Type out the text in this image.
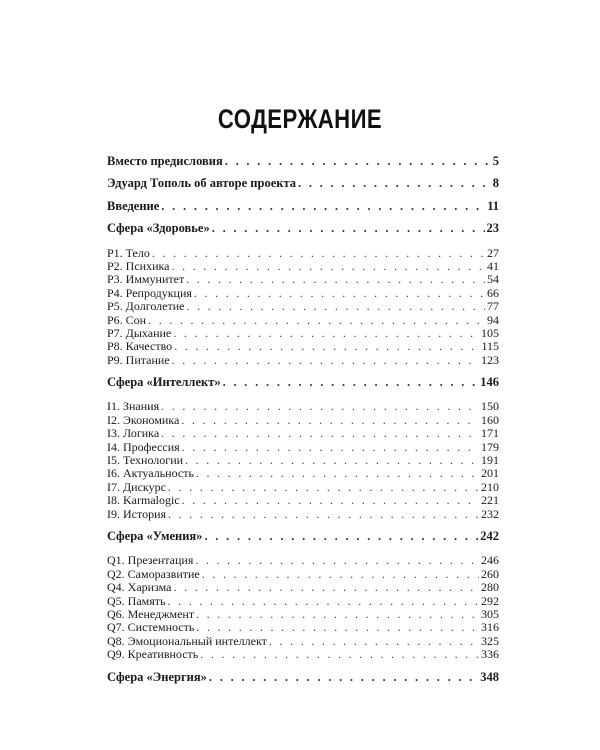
СОДЕРЖАНИЕ
Вместо предисловия . . .	5
Эдуард Тополь об авторе проекта . . .	8
Введение . . .	11
Сфера «Здоровье» . . .	23
P1. Тело . . .	27
P2. Психика . . .	41
P3. Иммунитет . . .	54
P4. Репродукция . . .	66
P5. Долголетие . . .	77
P6. Сон . . .	94
P7. Дыхание . . .	105
P8. Качество . . .	115
P9. Питание . . .	123
Сфера «Интеллект» . . .	146
I1. Знания . . .	150
I2. Экономика . . .	160
I3. Логика . . .	171
I4. Профессия . . .	179
I5. Технологии . . .	191
I6. Актуальность . . .	201
I7. Дискурс . . .	210
I8. Karmalogic . . .	221
I9. История . . .	232
Сфера «Умения» . . .	242
Q1. Презентация . . .	246
Q2. Саморазвитие . . .	260
Q4. Харизма . . .	280
Q5. Память . . .	292
Q6. Менеджмент . . .	305
Q7. Системность . . .	316
Q8. Эмоциональный интеллект . . .	325
Q9. Креативность . . .	336
Сфера «Энергия» . . .	348
